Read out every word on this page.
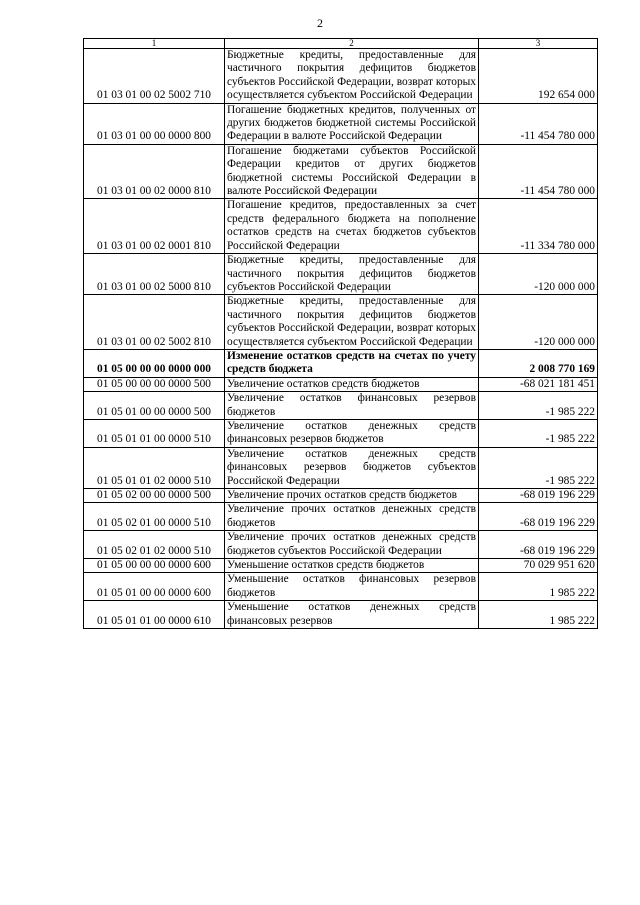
2
1	2	3
01 03 01 00 02 5002 710	Бюджетные кредиты, предоставленные для частичного покрытия дефицитов бюджетов субъектов Российской Федерации, возврат которых осуществляется субъектом Российской Федерации	192 654 000
01 03 01 00 00 0000 800	Погашение бюджетных кредитов, полученных от других бюджетов бюджетной системы Российской Федерации в валюте Российской Федерации	-11 454 780 000
01 03 01 00 02 0000 810	Погашение бюджетами субъектов Российской Федерации кредитов от других бюджетов бюджетной системы Российской Федерации в валюте Российской Федерации	-11 454 780 000
01 03 01 00 02 0001 810	Погашение кредитов, предоставленных за счет средств федерального бюджета на пополнение остатков средств на счетах бюджетов субъектов Российской Федерации	-11 334 780 000
01 03 01 00 02 5000 810	Бюджетные кредиты, предоставленные для частичного покрытия дефицитов бюджетов субъектов Российской Федерации	-120 000 000
01 03 01 00 02 5002 810	Бюджетные кредиты, предоставленные для частичного покрытия дефицитов бюджетов субъектов Российской Федерации, возврат которых осуществляется субъектом Российской Федерации	-120 000 000
01 05 00 00 00 0000 000	Изменение остатков средств на счетах по учету средств бюджета	2 008 770 169
01 05 00 00 00 0000 500	Увеличение остатков средств бюджетов	-68 021 181 451
01 05 01 00 00 0000 500	Увеличение остатков финансовых резервов бюджетов	-1 985 222
01 05 01 01 00 0000 510	Увеличение остатков денежных средств финансовых резервов бюджетов	-1 985 222
01 05 01 01 02 0000 510	Увеличение остатков денежных средств финансовых резервов бюджетов субъектов Российской Федерации	-1 985 222
01 05 02 00 00 0000 500	Увеличение прочих остатков средств бюджетов	-68 019 196 229
01 05 02 01 00 0000 510	Увеличение прочих остатков денежных средств бюджетов	-68 019 196 229
01 05 02 01 02 0000 510	Увеличение прочих остатков денежных средств бюджетов субъектов Российской Федерации	-68 019 196 229
01 05 00 00 00 0000 600	Уменьшение остатков средств бюджетов	70 029 951 620
01 05 01 00 00 0000 600	Уменьшение остатков финансовых резервов бюджетов	1 985 222
01 05 01 01 00 0000 610	Уменьшение остатков денежных средств финансовых резервов	1 985 222
